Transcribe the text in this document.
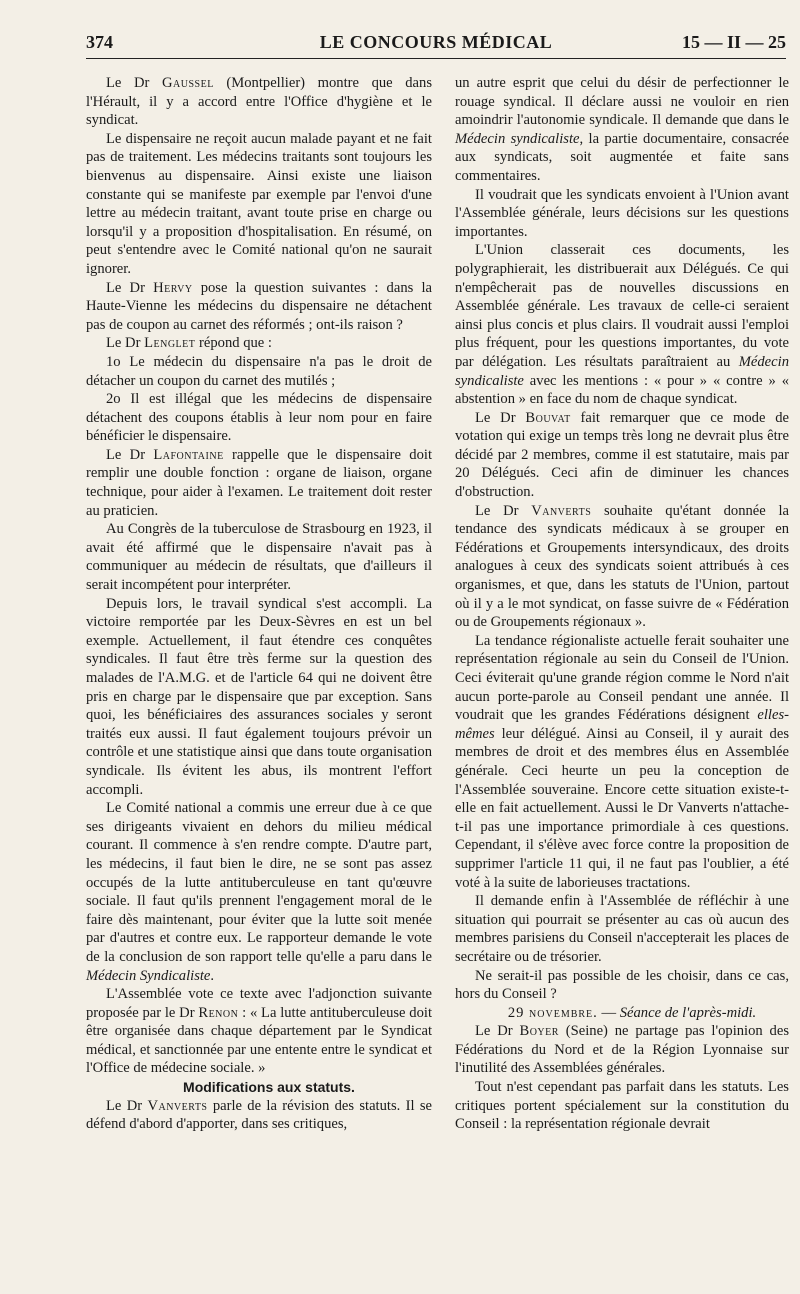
374	LE CONCOURS MÉDICAL	15 — II — 25

Le Dr Gaussel (Montpellier) montre que dans l'Hérault, il y a accord entre l'Office d'hygiène et le syndicat.

Le dispensaire ne reçoit aucun malade payant et ne fait pas de traitement. Les médecins traitants sont toujours les bienvenus au dispensaire. Ainsi existe une liaison constante qui se manifeste par exemple par l'envoi d'une lettre au médecin traitant, avant toute prise en charge ou lorsqu'il y a proposition d'hospitalisation. En résumé, on peut s'entendre avec le Comité national qu'on ne saurait ignorer.

Le Dr Hervy pose la question suivantes : dans la Haute-Vienne les médecins du dispensaire ne détachent pas de coupon au carnet des réformés ; ont-ils raison ?

Le Dr Lenglet répond que :

1o Le médecin du dispensaire n'a pas le droit de détacher un coupon du carnet des mutilés ;

2o Il est illégal que les médecins de dispensaire détachent des coupons établis à leur nom pour en faire bénéficier le dispensaire.

Le Dr Lafontaine rappelle que le dispensaire doit remplir une double fonction : organe de liaison, organe technique, pour aider à l'examen. Le traitement doit rester au praticien.

Au Congrès de la tuberculose de Strasbourg en 1923, il avait été affirmé que le dispensaire n'avait pas à communiquer au médecin de résultats, que d'ailleurs il serait incompétent pour interpréter.

Depuis lors, le travail syndical s'est accompli. La victoire remportée par les Deux-Sèvres en est un bel exemple. Actuellement, il faut étendre ces conquêtes syndicales. Il faut être très ferme sur la question des malades de l'A.M.G. et de l'article 64 qui ne doivent être pris en charge par le dispensaire que par exception. Sans quoi, les bénéficiaires des assurances sociales y seront traités eux aussi. Il faut également toujours prévoir un contrôle et une statistique ainsi que dans toute organisation syndicale. Ils évitent les abus, ils montrent l'effort accompli.

Le Comité national a commis une erreur due à ce que ses dirigeants vivaient en dehors du milieu médical courant. Il commence à s'en rendre compte. D'autre part, les médecins, il faut bien le dire, ne se sont pas assez occupés de la lutte antituberculeuse en tant qu'œuvre sociale. Il faut qu'ils prennent l'engagement moral de le faire dès maintenant, pour éviter que la lutte soit menée par d'autres et contre eux. Le rapporteur demande le vote de la conclusion de son rapport telle qu'elle a paru dans le Médecin Syndicaliste.

L'Assemblée vote ce texte avec l'adjonction suivante proposée par le Dr Renon : « La lutte antituberculeuse doit être organisée dans chaque département par le Syndicat médical, et sanctionnée par une entente entre le syndicat et l'Office de médecine sociale. »

Modifications aux statuts.

Le Dr Vanverts parle de la révision des statuts. Il se défend d'abord d'apporter, dans ses critiques,

un autre esprit que celui du désir de perfectionner le rouage syndical. Il déclare aussi ne vouloir en rien amoindrir l'autonomie syndicale. Il demande que dans le Médecin syndicaliste, la partie documentaire, consacrée aux syndicats, soit augmentée et faite sans commentaires.

Il voudrait que les syndicats envoient à l'Union avant l'Assemblée générale, leurs décisions sur les questions importantes.

L'Union classerait ces documents, les polygraphierait, les distribuerait aux Délégués. Ce qui n'empêcherait pas de nouvelles discussions en Assemblée générale. Les travaux de celle-ci seraient ainsi plus concis et plus clairs. Il voudrait aussi l'emploi plus fréquent, pour les questions importantes, du vote par délégation. Les résultats paraîtraient au Médecin syndicaliste avec les mentions : « pour » « contre » « abstention » en face du nom de chaque syndicat.

Le Dr Bouvat fait remarquer que ce mode de votation qui exige un temps très long ne devrait plus être décidé par 2 membres, comme il est statutaire, mais par 20 Délégués. Ceci afin de diminuer les chances d'obstruction.

Le Dr Vanverts souhaite qu'étant donnée la tendance des syndicats médicaux à se grouper en Fédérations et Groupements intersyndicaux, des droits analogues à ceux des syndicats soient attribués à ces organismes, et que, dans les statuts de l'Union, partout où il y a le mot syndicat, on fasse suivre de « Fédération ou de Groupements régionaux ».

La tendance régionaliste actuelle ferait souhaiter une représentation régionale au sein du Conseil de l'Union. Ceci éviterait qu'une grande région comme le Nord n'ait aucun porte-parole au Conseil pendant une année. Il voudrait que les grandes Fédérations désignent elles-mêmes leur délégué. Ainsi au Conseil, il y aurait des membres de droit et des membres élus en Assemblée générale. Ceci heurte un peu la conception de l'Assemblée souveraine. Encore cette situation existe-t-elle en fait actuellement. Aussi le Dr Vanverts n'attache-t-il pas une importance primordiale à ces questions. Cependant, il s'élève avec force contre la proposition de supprimer l'article 11 qui, il ne faut pas l'oublier, a été voté à la suite de laborieuses tractations.

Il demande enfin à l'Assemblée de réfléchir à une situation qui pourrait se présenter au cas où aucun des membres parisiens du Conseil n'accepterait les places de secrétaire ou de trésorier.

Ne serait-il pas possible de les choisir, dans ce cas, hors du Conseil ?

29 novembre. — Séance de l'après-midi.

Le Dr Boyer (Seine) ne partage pas l'opinion des Fédérations du Nord et de la Région Lyonnaise sur l'inutilité des Assemblées générales.

Tout n'est cependant pas parfait dans les statuts. Les critiques portent spécialement sur la constitution du Conseil : la représentation régionale devrait
